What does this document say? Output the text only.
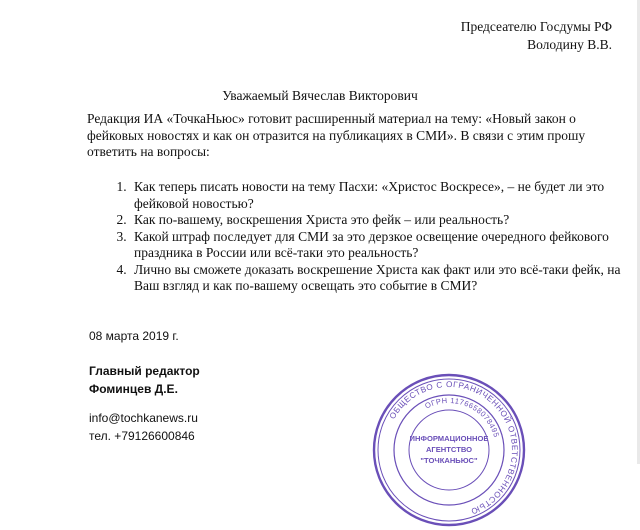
Предсеателю Госдумы РФ
Володину В.В.
Уважаемый Вячеслав Викторович
Редакция ИА «ТочкаНьюс» готовит расширенный материал на тему: «Новый закон о фейковых новостях и как он отразится на публикациях в СМИ». В связи с этим прошу ответить на вопросы:
1. Как теперь писать новости на тему Пасхи: «Христос Воскресе», – не будет ли это фейковой новостью?
2. Как по-вашему, воскрешения Христа это фейк – или реальность?
3. Какой штраф последует для СМИ за это дерзкое освещение очередного фейкового праздника в России или всё-таки это реальность?
4. Лично вы сможете доказать воскрешение Христа как факт или это всё-таки фейк, на Ваш взгляд и как по-вашему освещать это событие в СМИ?
08 марта 2019 г.
Главный редактор
Фоминцев Д.Е.
info@tochkanews.ru
тел. +79126600846
ОБЩЕСТВО С ОГРАНИЧЕННОЙ ОТВЕТСТВЕННОСТЬЮ
ОГРН 1176658078495
ИНФОРМАЦИОННОЕ
АГЕНТСТВО
"ТОЧКАНЬЮС"
